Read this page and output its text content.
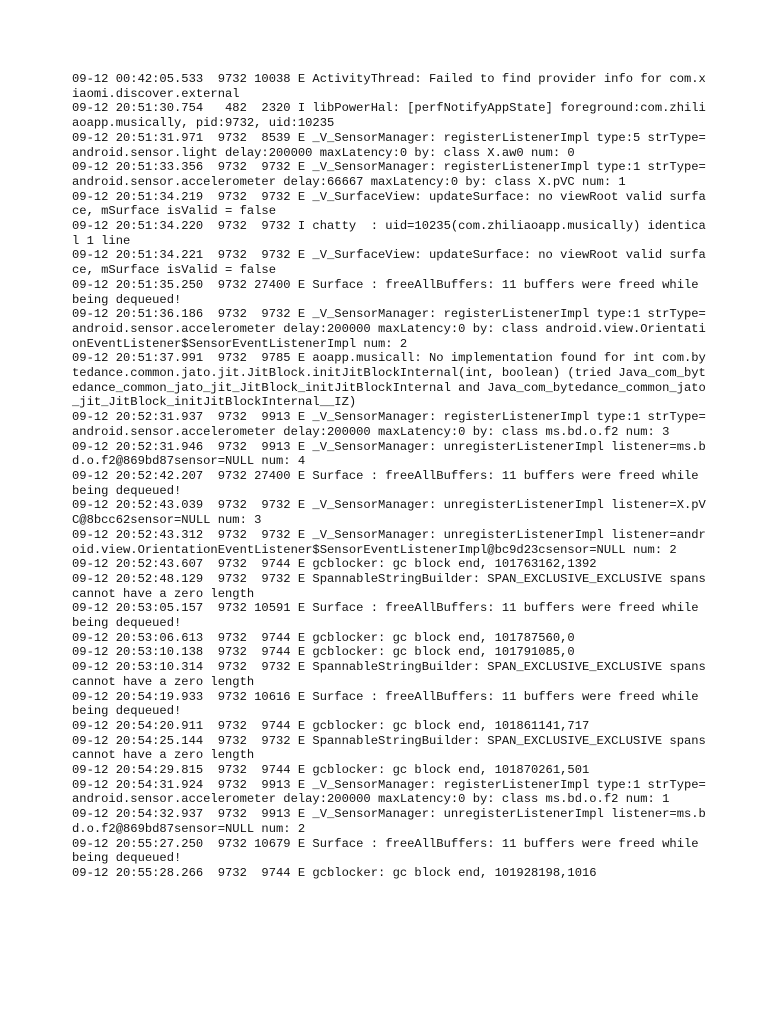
09-12 00:42:05.533  9732 10038 E ActivityThread: Failed to find provider info for com.xiaomi.discover.external

09-12 20:51:30.754   482  2320 I libPowerHal: [perfNotifyAppState] foreground:com.zhiliaoapp.musically, pid:9732, uid:10235

09-12 20:51:31.971  9732  8539 E _V_SensorManager: registerListenerImpl type:5 strType=android.sensor.light delay:200000 maxLatency:0 by: class X.aw0 num: 0

09-12 20:51:33.356  9732  9732 E _V_SensorManager: registerListenerImpl type:1 strType=android.sensor.accelerometer delay:66667 maxLatency:0 by: class X.pVC num: 1

09-12 20:51:34.219  9732  9732 E _V_SurfaceView: updateSurface: no viewRoot valid surface, mSurface isValid = false

09-12 20:51:34.220  9732  9732 I chatty  : uid=10235(com.zhiliaoapp.musically) identical 1 line

09-12 20:51:34.221  9732  9732 E _V_SurfaceView: updateSurface: no viewRoot valid surface, mSurface isValid = false

09-12 20:51:35.250  9732 27400 E Surface : freeAllBuffers: 11 buffers were freed while being dequeued!

09-12 20:51:36.186  9732  9732 E _V_SensorManager: registerListenerImpl type:1 strType=android.sensor.accelerometer delay:200000 maxLatency:0 by: class android.view.OrientationEventListener$SensorEventListenerImpl num: 2

09-12 20:51:37.991  9732  9785 E aoapp.musicall: No implementation found for int com.bytedance.common.jato.jit.JitBlock.initJitBlockInternal(int, boolean) (tried Java_com_bytedance_common_jato_jit_JitBlock_initJitBlockInternal and Java_com_bytedance_common_jato_jit_JitBlock_initJitBlockInternal__IZ)

09-12 20:52:31.937  9732  9913 E _V_SensorManager: registerListenerImpl type:1 strType=android.sensor.accelerometer delay:200000 maxLatency:0 by: class ms.bd.o.f2 num: 3

09-12 20:52:31.946  9732  9913 E _V_SensorManager: unregisterListenerImpl listener=ms.bd.o.f2@869bd87sensor=NULL num: 4

09-12 20:52:42.207  9732 27400 E Surface : freeAllBuffers: 11 buffers were freed while being dequeued!

09-12 20:52:43.039  9732  9732 E _V_SensorManager: unregisterListenerImpl listener=X.pVC@8bcc62sensor=NULL num: 3

09-12 20:52:43.312  9732  9732 E _V_SensorManager: unregisterListenerImpl listener=android.view.OrientationEventListener$SensorEventListenerImpl@bc9d23csensor=NULL num: 2

09-12 20:52:43.607  9732  9744 E gcblocker: gc block end, 101763162,1392

09-12 20:52:48.129  9732  9732 E SpannableStringBuilder: SPAN_EXCLUSIVE_EXCLUSIVE spans cannot have a zero length

09-12 20:53:05.157  9732 10591 E Surface : freeAllBuffers: 11 buffers were freed while being dequeued!

09-12 20:53:06.613  9732  9744 E gcblocker: gc block end, 101787560,0

09-12 20:53:10.138  9732  9744 E gcblocker: gc block end, 101791085,0

09-12 20:53:10.314  9732  9732 E SpannableStringBuilder: SPAN_EXCLUSIVE_EXCLUSIVE spans cannot have a zero length

09-12 20:54:19.933  9732 10616 E Surface : freeAllBuffers: 11 buffers were freed while being dequeued!

09-12 20:54:20.911  9732  9744 E gcblocker: gc block end, 101861141,717

09-12 20:54:25.144  9732  9732 E SpannableStringBuilder: SPAN_EXCLUSIVE_EXCLUSIVE spans cannot have a zero length

09-12 20:54:29.815  9732  9744 E gcblocker: gc block end, 101870261,501

09-12 20:54:31.924  9732  9913 E _V_SensorManager: registerListenerImpl type:1 strType=android.sensor.accelerometer delay:200000 maxLatency:0 by: class ms.bd.o.f2 num: 1

09-12 20:54:32.937  9732  9913 E _V_SensorManager: unregisterListenerImpl listener=ms.bd.o.f2@869bd87sensor=NULL num: 2

09-12 20:55:27.250  9732 10679 E Surface : freeAllBuffers: 11 buffers were freed while being dequeued!

09-12 20:55:28.266  9732  9744 E gcblocker: gc block end, 101928198,1016
